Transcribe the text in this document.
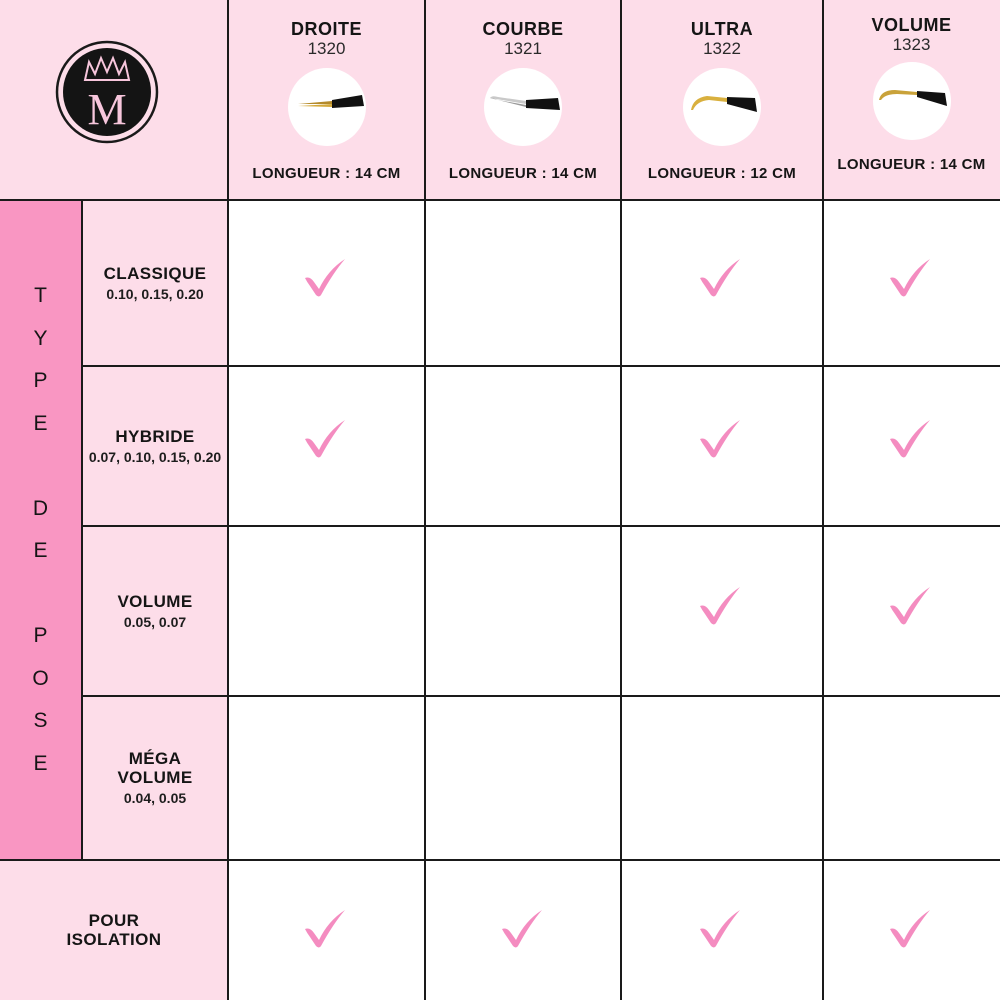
M
DROITE
1320
LONGUEUR : 14 CM
COURBE
1321
LONGUEUR : 14 CM
ULTRA
1322
LONGUEUR : 12 CM
VOLUME
1323
LONGUEUR : 14 CM
T
Y
P
E
D
E
P
O
S
E
CLASSIQUE
0.10, 0.15, 0.20
HYBRIDE
0.07, 0.10, 0.15, 0.20
VOLUME
0.05, 0.07
MÉGA VOLUME
0.04, 0.05
POUR ISOLATION
